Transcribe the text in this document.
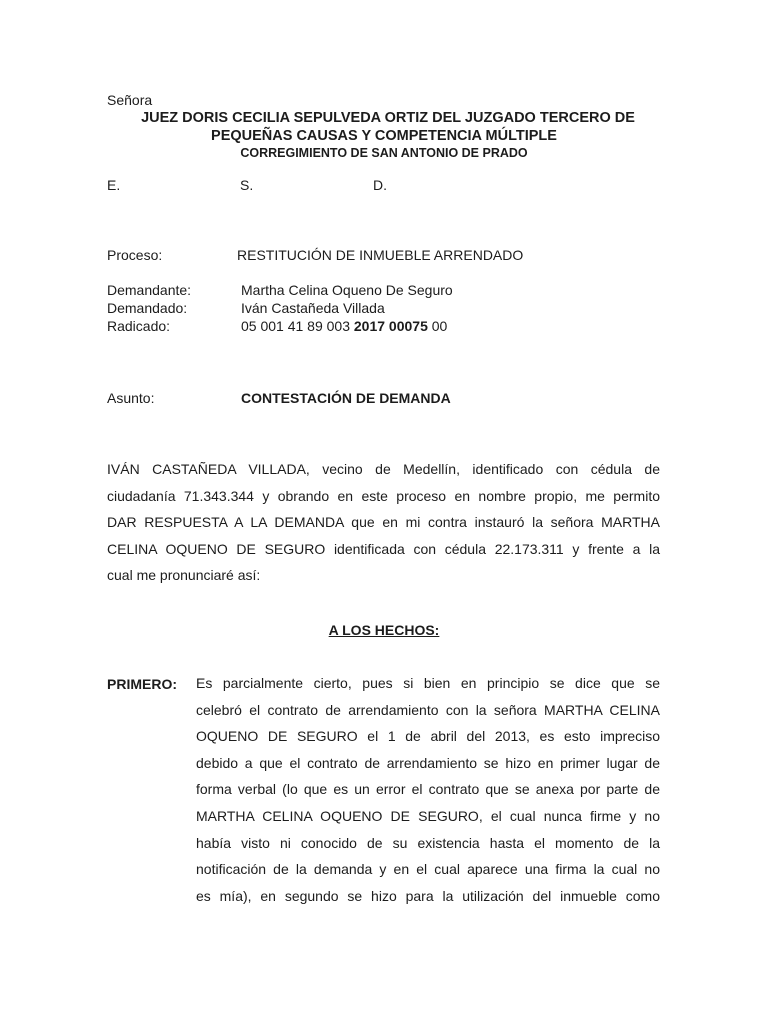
Señora
JUEZ DORIS CECILIA SEPULVEDA ORTIZ DEL JUZGADO TERCERO DE
PEQUEÑAS CAUSAS Y COMPETENCIA MÚLTIPLE
CORREGIMIENTO DE SAN ANTONIO DE PRADO
E.	S.	D.
Proceso:	RESTITUCIÓN DE INMUEBLE ARRENDADO
Demandante:	Martha Celina Oqueno De Seguro
Demandado:	Iván Castañeda Villada
Radicado:	05 001 41 89 003 2017 00075 00
Asunto:	CONTESTACIÓN DE DEMANDA
IVÁN CASTAÑEDA VILLADA, vecino de Medellín, identificado con cédula de
ciudadanía 71.343.344 y obrando en este proceso en nombre propio, me permito
DAR RESPUESTA A LA DEMANDA que en mi contra instauró la señora MARTHA
CELINA OQUENO DE SEGURO identificada con cédula 22.173.311 y frente a la
cual me pronunciaré así:
A LOS HECHOS:
PRIMERO: Es parcialmente cierto, pues si bien en principio se dice que se
celebró el contrato de arrendamiento con la señora MARTHA CELINA
OQUENO DE SEGURO el 1 de abril del 2013, es esto impreciso
debido a que el contrato de arrendamiento se hizo en primer lugar de
forma verbal (lo que es un error el contrato que se anexa por parte de
MARTHA CELINA OQUENO DE SEGURO, el cual nunca firme y no
había visto ni conocido de su existencia hasta el momento de la
notificación de la demanda y en el cual aparece una firma la cual no
es mía), en segundo se hizo para la utilización del inmueble como
